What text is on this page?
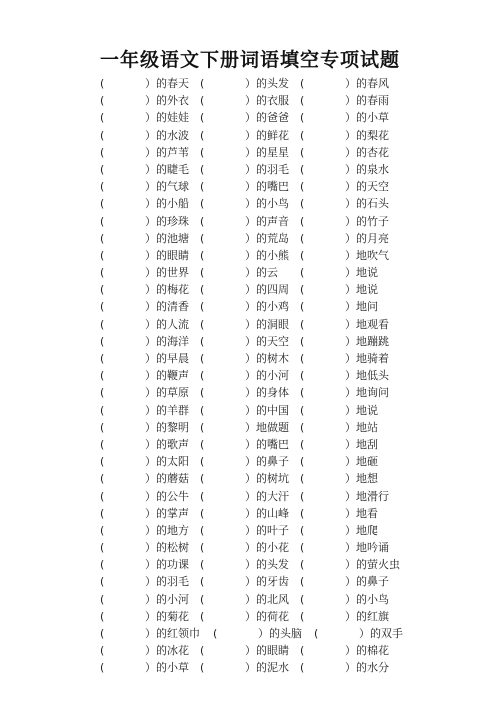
一年级语文下册词语填空专项试题
(	）的春天 (	）的头发 (	）的春风
(	）的外衣 (	）的衣服 (	）的春雨
(	）的娃娃 (	）的爸爸 (	）的小草
(	）的水波 (	）的鲜花 (	）的梨花
(	）的芦苇 (	）的星星 (	）的杏花
(	）的睫毛 (	）的羽毛 (	）的泉水
(	）的气球 (	）的嘴巴 (	）的天空
(	）的小船 (	）的小鸟 (	）的石头
(	）的珍珠 (	）的声音 (	）的竹子
(	）的池塘 (	）的荒岛 (	）的月亮
(	）的眼睛 (	）的小熊 (	）地吹气
(	）的世界 (	）的云 (	）地说
(	）的梅花 (	）的四周 (	）地说
(	）的清香 (	）的小鸡 (	）地问
(	）的人流 (	）的洞眼 (	）地观看
(	）的海洋 (	）的天空 (	）地蹦跳
(	）的早晨 (	）的树木 (	）地骑着
(	）的鞭声 (	）的小河 (	）地低头
(	）的草原 (	）的身体 (	）地询问
(	）的羊群 (	）的中国 (	）地说
(	）的黎明 (	）地做题 (	）地站
(	）的歌声 (	）的嘴巴 (	）地刮
(	）的太阳 (	）的鼻子 (	）地砸
(	）的蘑菇 (	）的树坑 (	）地想
(	）的公牛 (	）的大汗 (	）地滑行
(	）的掌声 (	）的山峰 (	）地看
(	）的地方 (	）的叶子 (	）地爬
(	）的松树 (	）的小花 (	）地吟诵
(	）的功课 (	）的头发 (	）的萤火虫
(	）的羽毛 (	）的牙齿 (	）的鼻子
(	）的小河 (	）的北风 (	）的小鸟
(	）的菊花 (	）的荷花 (	）的红旗
(	）的红领巾 (	）的头脑 (	）的双手
(	）的冰花 (	）的眼睛 (	）的棉花
(	）的小草 (	）的泥水 (	）的水分
